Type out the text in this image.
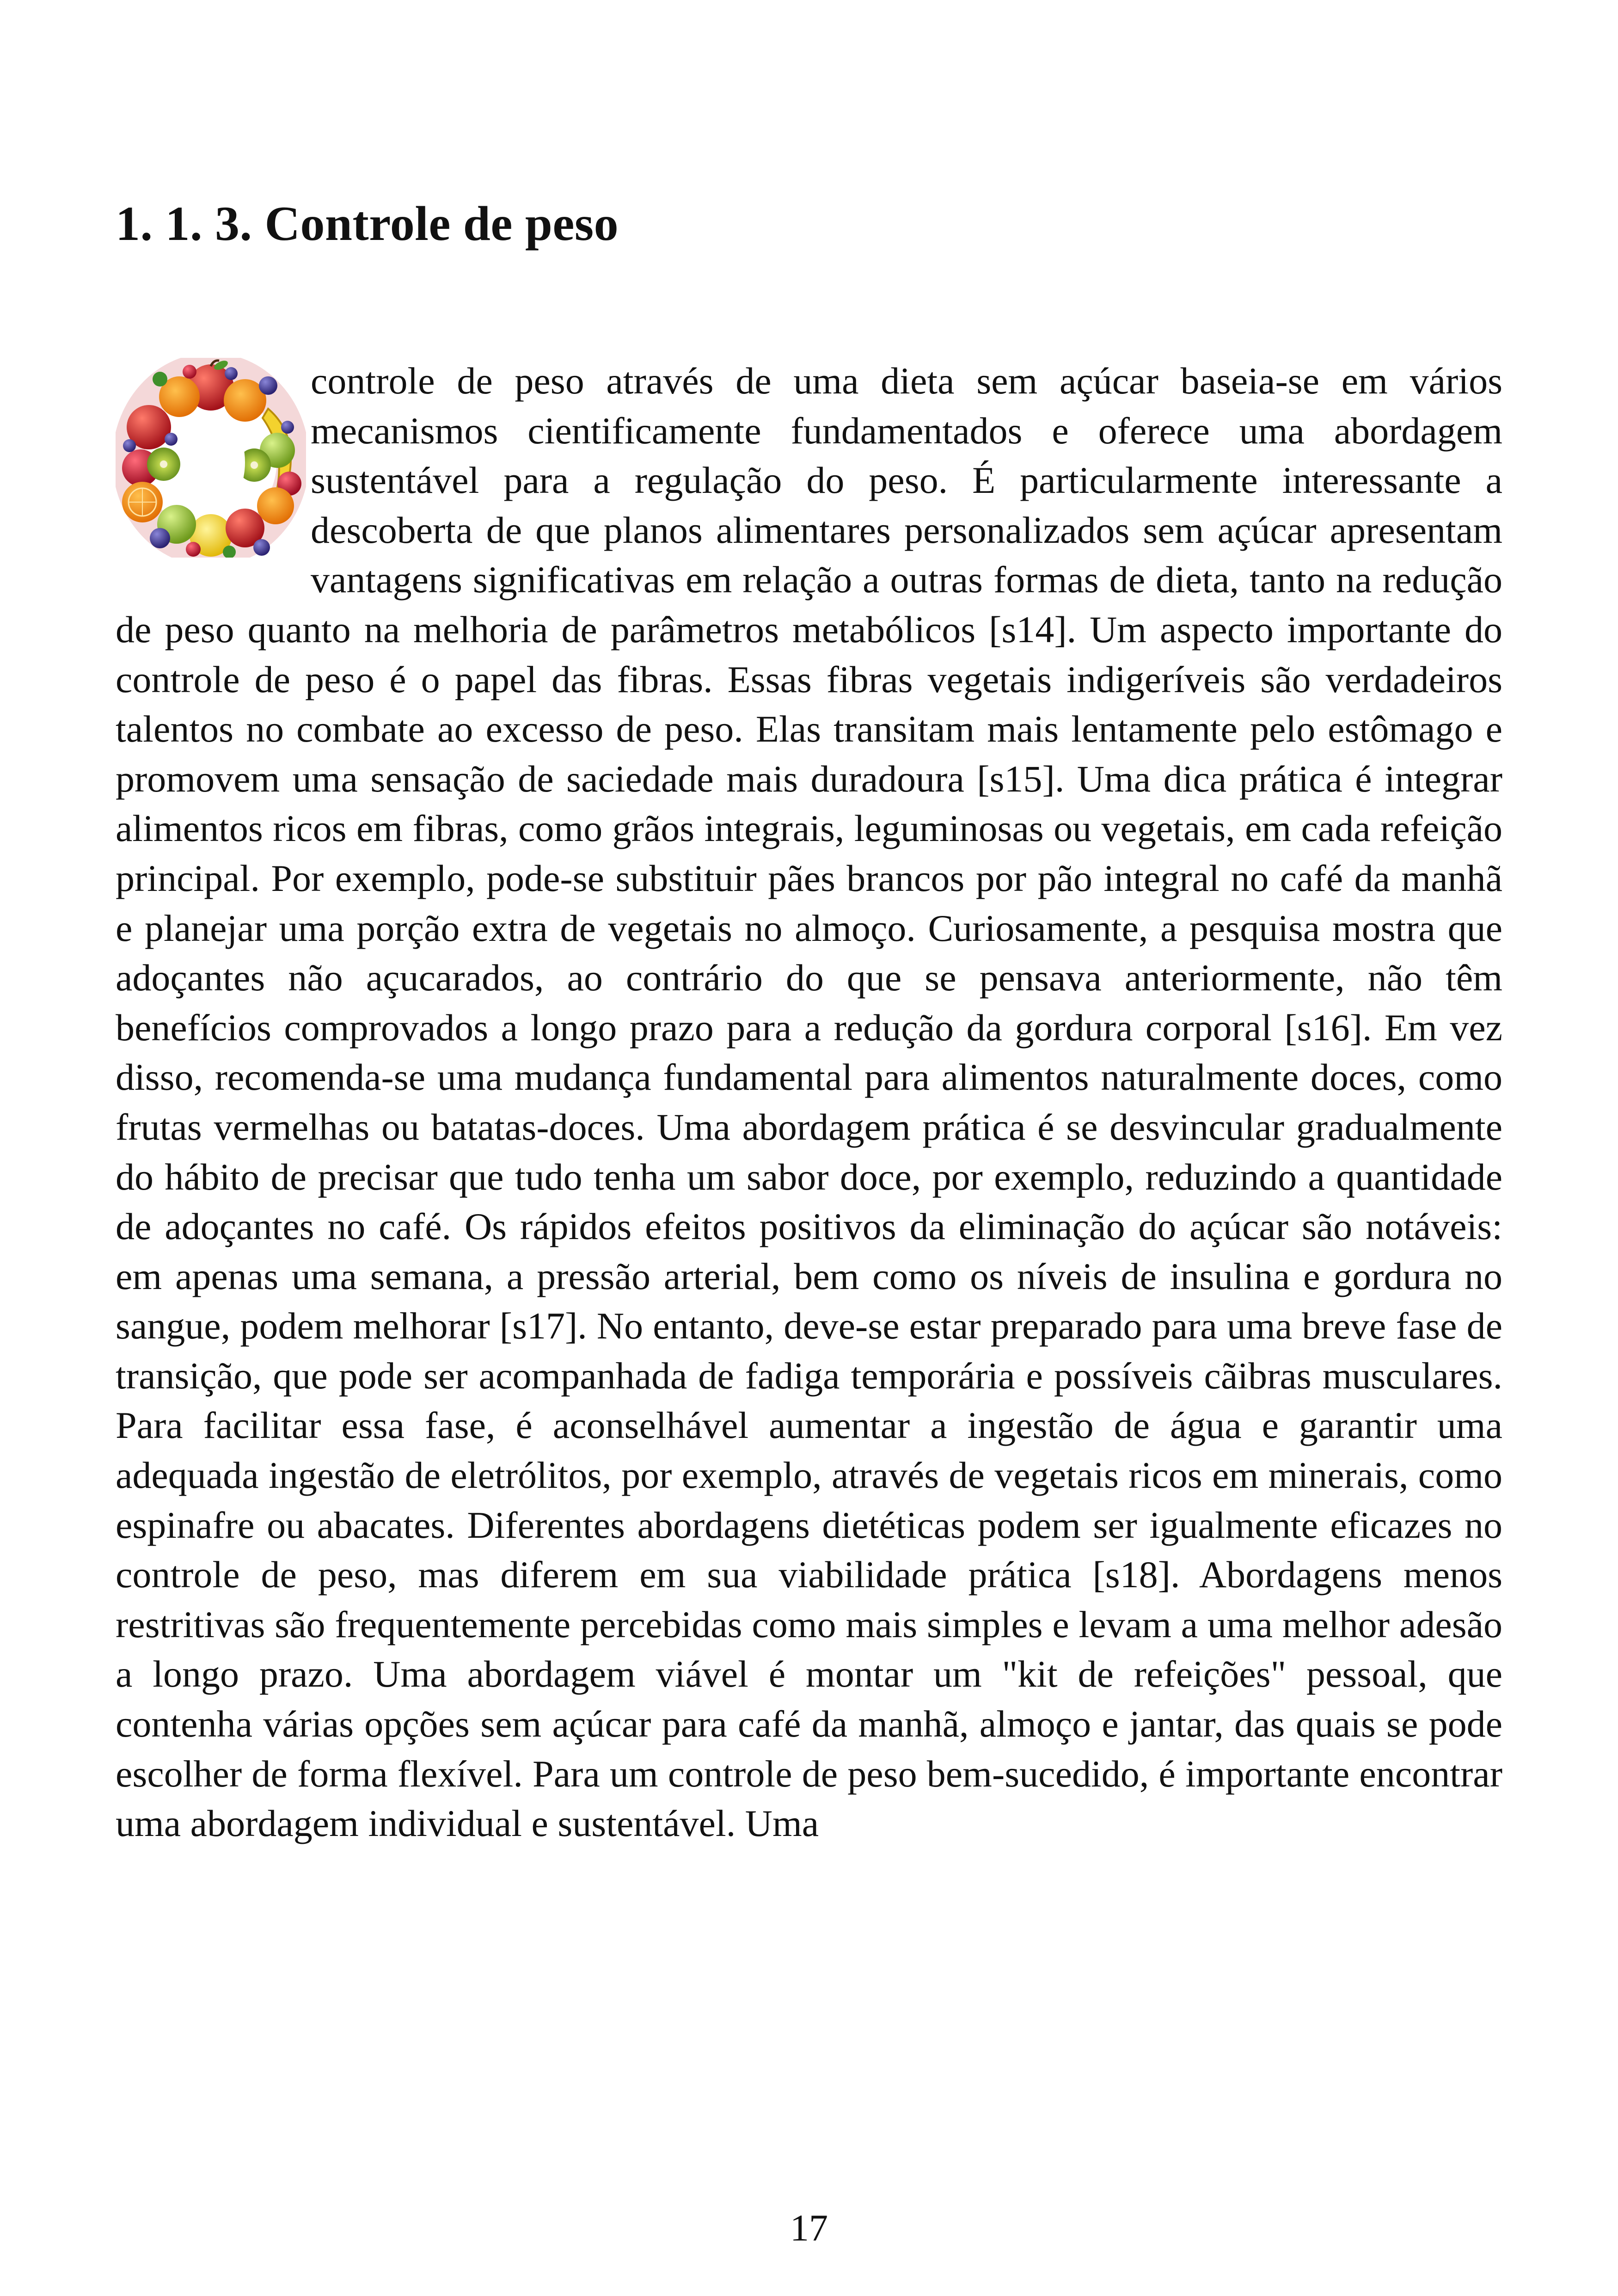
1. 1. 3. Controle de peso

controle de peso através de uma dieta sem açúcar baseia-se em vários mecanismos cientificamente fundamentados e oferece uma abordagem sustentável para a regulação do peso. É particularmente interessante a descoberta de que planos alimentares personalizados sem açúcar apresentam vantagens significativas em relação a outras formas de dieta, tanto na redução de peso quanto na melhoria de parâmetros metabólicos [s14]. Um aspecto importante do controle de peso é o papel das fibras. Essas fibras vegetais indigeríveis são verdadeiros talentos no combate ao excesso de peso. Elas transitam mais lentamente pelo estômago e promovem uma sensação de saciedade mais duradoura [s15]. Uma dica prática é integrar alimentos ricos em fibras, como grãos integrais, leguminosas ou vegetais, em cada refeição principal. Por exemplo, pode-se substituir pães brancos por pão integral no café da manhã e planejar uma porção extra de vegetais no almoço. Curiosamente, a pesquisa mostra que adoçantes não açucarados, ao contrário do que se pensava anteriormente, não têm benefícios comprovados a longo prazo para a redução da gordura corporal [s16]. Em vez disso, recomenda-se uma mudança fundamental para alimentos naturalmente doces, como frutas vermelhas ou batatas-doces. Uma abordagem prática é se desvincular gradualmente do hábito de precisar que tudo tenha um sabor doce, por exemplo, reduzindo a quantidade de adoçantes no café. Os rápidos efeitos positivos da eliminação do açúcar são notáveis: em apenas uma semana, a pressão arterial, bem como os níveis de insulina e gordura no sangue, podem melhorar [s17]. No entanto, deve-se estar preparado para uma breve fase de transição, que pode ser acompanhada de fadiga temporária e possíveis cãibras musculares. Para facilitar essa fase, é aconselhável aumentar a ingestão de água e garantir uma adequada ingestão de eletrólitos, por exemplo, através de vegetais ricos em minerais, como espinafre ou abacates. Diferentes abordagens dietéticas podem ser igualmente eficazes no controle de peso, mas diferem em sua viabilidade prática [s18]. Abordagens menos restritivas são frequentemente percebidas como mais simples e levam a uma melhor adesão a longo prazo. Uma abordagem viável é montar um "kit de refeições" pessoal, que contenha várias opções sem açúcar para café da manhã, almoço e jantar, das quais se pode escolher de forma flexível. Para um controle de peso bem-sucedido, é importante encontrar uma abordagem individual e sustentável. Uma

17
